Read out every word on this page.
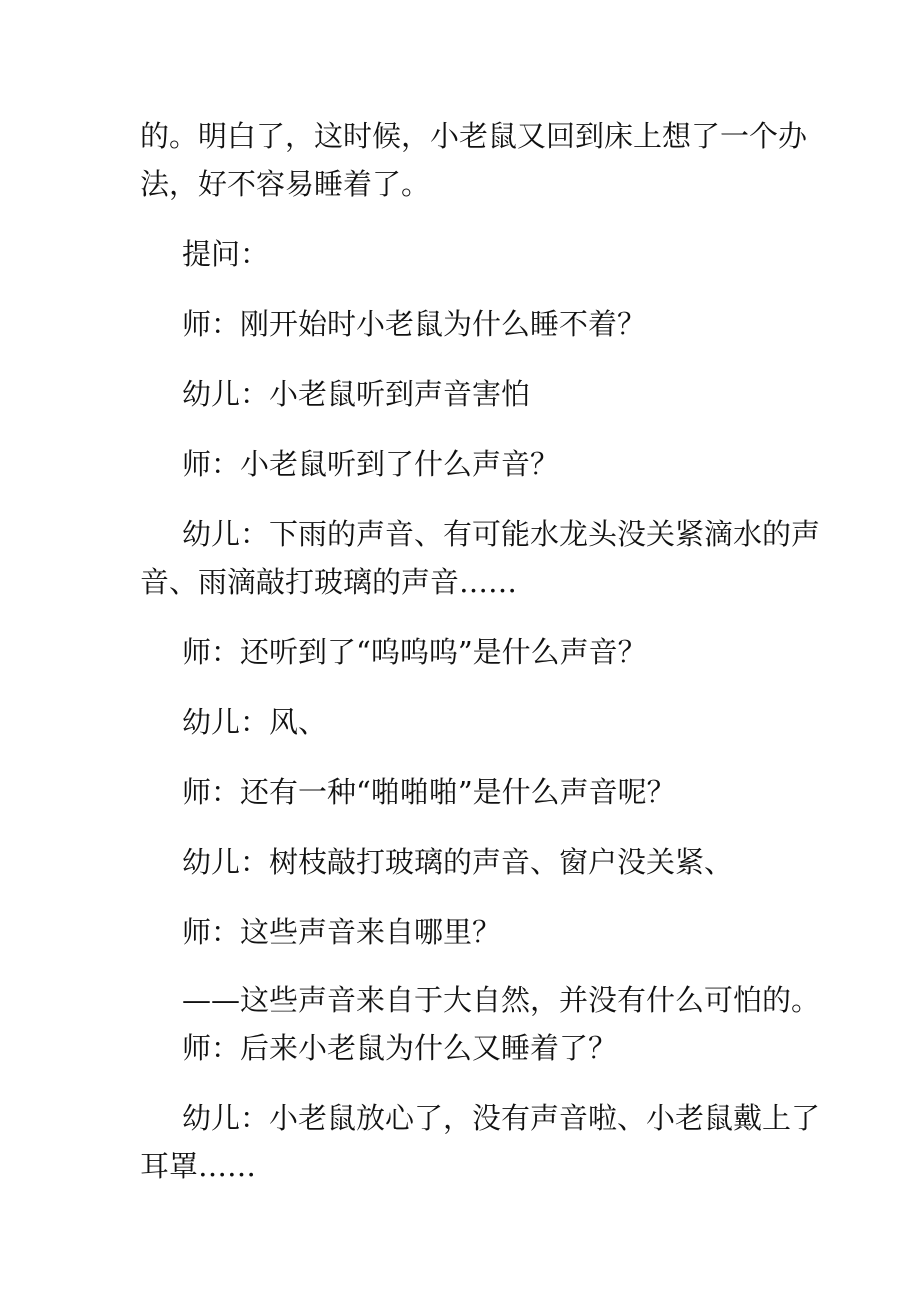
的。明白了，这时候，小老鼠又回到床上想了一个办
法，好不容易睡着了。
提问：
师：刚开始时小老鼠为什么睡不着？
幼儿：小老鼠听到声音害怕
师：小老鼠听到了什么声音？
幼儿：下雨的声音、有可能水龙头没关紧滴水的声
音、雨滴敲打玻璃的声音……
师：还听到了“呜呜呜”是什么声音？
幼儿：风、
师：还有一种“啪啪啪”是什么声音呢？
幼儿：树枝敲打玻璃的声音、窗户没关紧、
师：这些声音来自哪里？
——这些声音来自于大自然，并没有什么可怕的。
师：后来小老鼠为什么又睡着了？
幼儿：小老鼠放心了，没有声音啦、小老鼠戴上了
耳罩……
